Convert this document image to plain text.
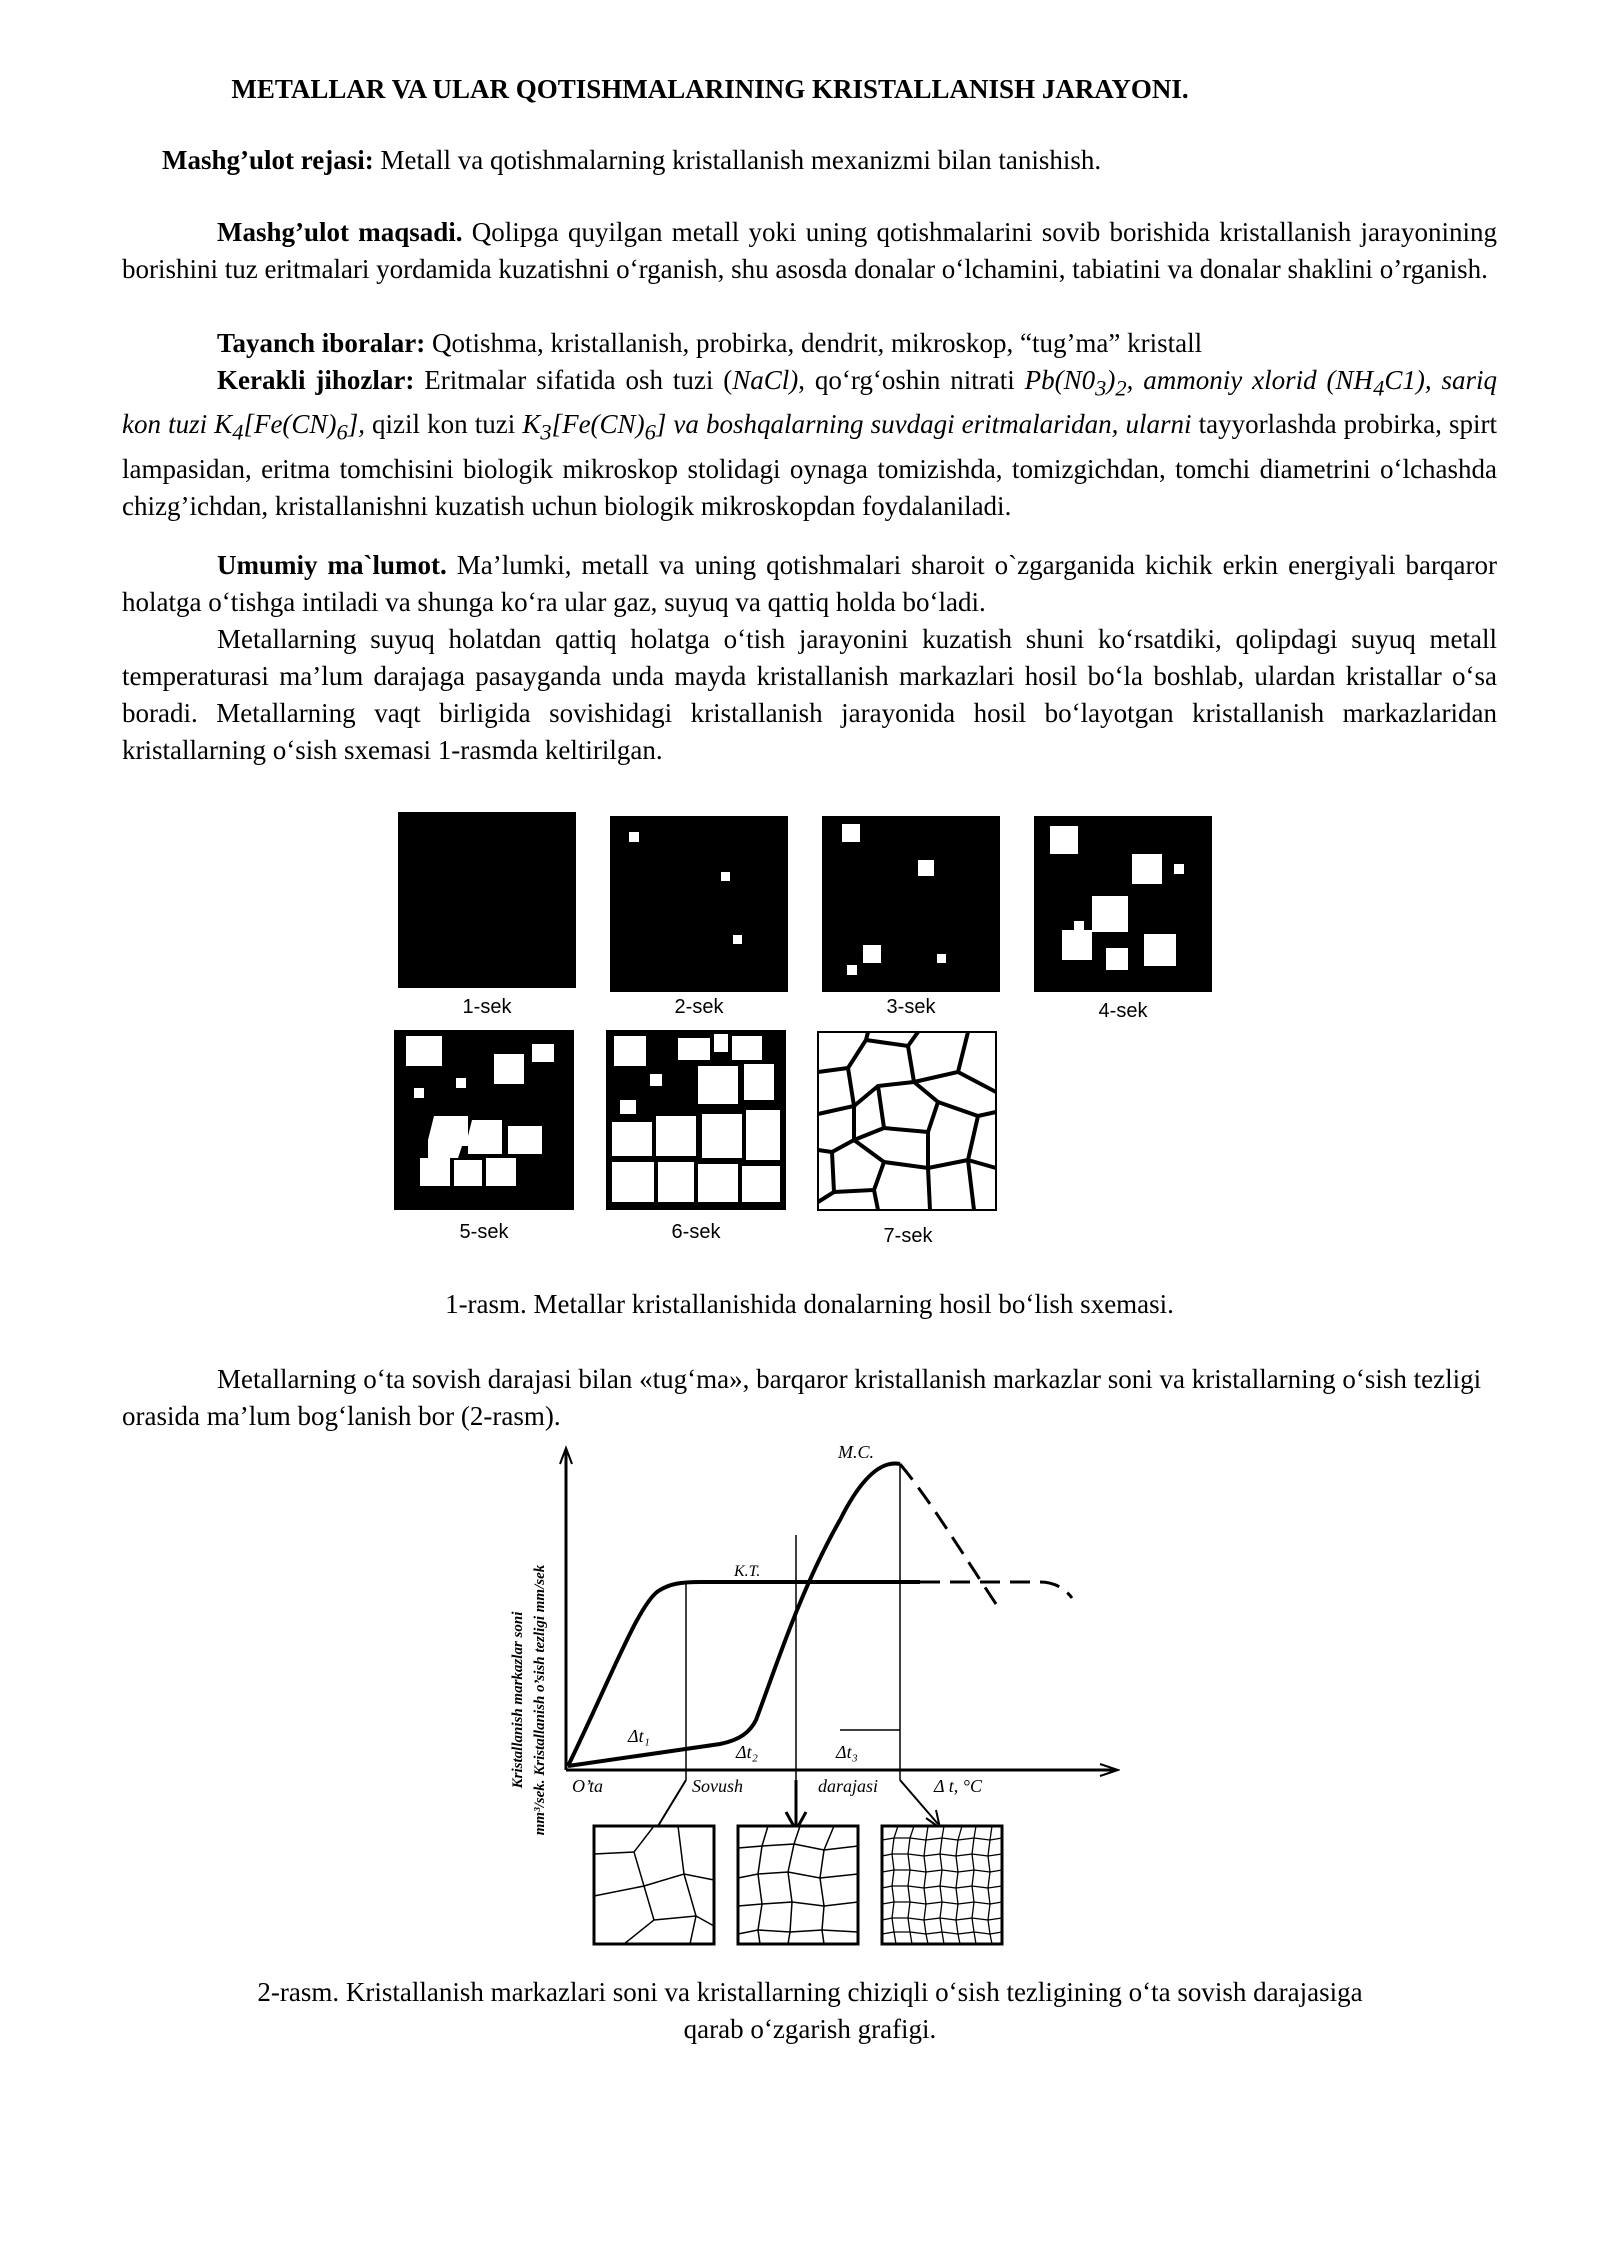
METALLAR VA ULAR QOTISHMALARINING KRISTALLANISH JARAYONI.

Mashg’ulot rejasi: Metall va qotishmalarning kristallanish mexanizmi bilan tanishish.

Mashg’ulot maqsadi. Qolipga quyilgan metall yoki uning qotishmalarini sovib borishida kristallanish jarayonining borishini tuz eritmalari yordamida kuzatishni o‘rganish, shu asosda donalar o‘lchamini, tabiatini va donalar shaklini o’rganish.

Tayanch iboralar: Qotishma, kristallanish, probirka, dendrit, mikroskop, “tug’ma” kristall

Kerakli jihozlar: Eritmalar sifatida osh tuzi (NaCl), qo‘rg‘oshin nitrati $Pb(N0_3)_2$, ammoniy xlorid $(NH_4C1)$, sariq kon tuzi $K_4[Fe(CN)_6]$, qizil kon tuzi $K_3[Fe(CN)_6]$ va boshqalarning suvdagi eritmalaridan, ularni tayyorlashda probirka, spirt lampasidan, eritma tomchisini biologik mikroskop stolidagi oynaga tomizishda, tomizgichdan, tomchi diametrini o‘lchashda chizg’ichdan, kristallanishni kuzatish uchun biologik mikroskopdan foydalaniladi.

Umumiy ma`lumot. Ma’lumki, metall va uning qotishmalari sharoit o`zgarganida kichik erkin energiyali barqaror holatga o‘tishga intiladi va shunga ko‘ra ular gaz, suyuq va qattiq holda bo‘ladi.

Metallarning suyuq holatdan qattiq holatga o‘tish jarayonini kuzatish shuni ko‘rsatdiki, qolipdagi suyuq metall temperaturasi ma’lum darajaga pasayganda unda mayda kristallanish markazlari hosil bo‘la boshlab, ulardan kristallar o‘sa boradi. Metallarning vaqt birligida sovishidagi kristallanish jarayonida hosil bo‘layotgan kristallanish markazlaridan kristallarning o‘sish sxemasi 1-rasmda keltirilgan.

1-sek	2-sek	3-sek	4-sek
5-sek	6-sek	7-sek
1-rasm. Metallar kristallanishida donalarning hosil bo‘lish sxemasi.

Metallarning o‘ta sovish darajasi bilan «tug‘ma», barqaror kristallanish markazlar soni va kristallarning o‘sish tezligi orasida ma’lum bog‘lanish bor (2-rasm).

M.C.
K.T.
Δt₁
Δt₂	Δt₃
O’ta	Sovush	darajasi	Δ t, °C
Kristallanish markazlar soni mm³/sek. Kristallanish o’sish tezligi mm/sek
2-rasm. Kristallanish markazlari soni va kristallarning chiziqli o‘sish tezligining o‘ta sovish darajasiga
qarab o‘zgarish grafigi.
